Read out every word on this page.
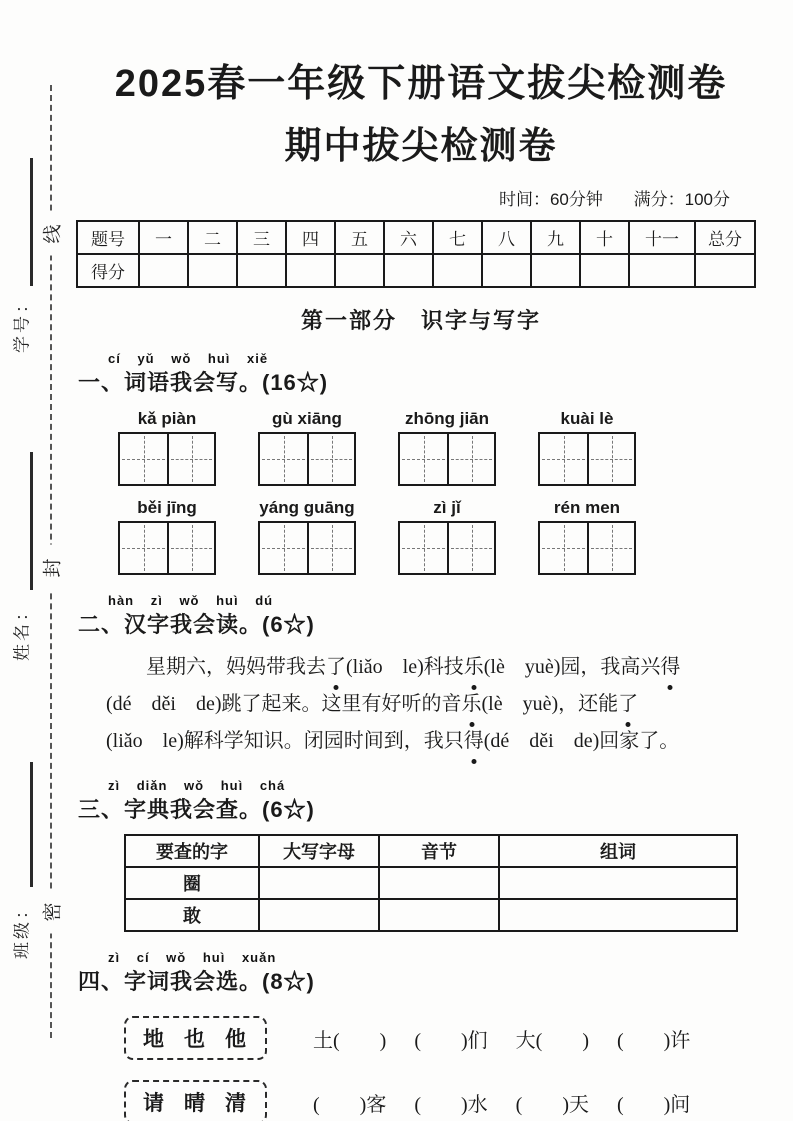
线
封
密
学号：
姓名：
班级：
2025春一年级下册语文拔尖检测卷
期中拔尖检测卷
时间：60分钟 满分：100分
题号	一	二	三	四	五	六	七	八	九	十	十一	总分
得分												
第一部分　识字与写字
cí yǔ wǒ huì xiě
一、词语我会写。(16☆)
kǎ piàn	gù xiāng	zhōng jiān	kuài lè
běi jīng	yáng guāng	zì jǐ	rén men
hàn zì wǒ huì dú
二、汉字我会读。(6☆)
星期六，妈妈带我去了(liǎo　le)科技乐(lè　yuè)园，我高兴得
(dé　děi　de)跳了起来。这里有好听的音乐(lè　yuè)，还能了
(liǎo　le)解科学知识。闭园时间到，我只得(dé　děi　de)回家了。
zì diǎn wǒ huì chá
三、字典我会查。(6☆)
要查的字	大写字母	音节	组词
圈			
敢			
zì cí wǒ huì xuǎn
四、字词我会选。(8☆)
地 也 他	土(　　) (　　)们 大(　　) (　　)许
请 晴 清	(　　)客 (　　)水 (　　)天 (　　)问
